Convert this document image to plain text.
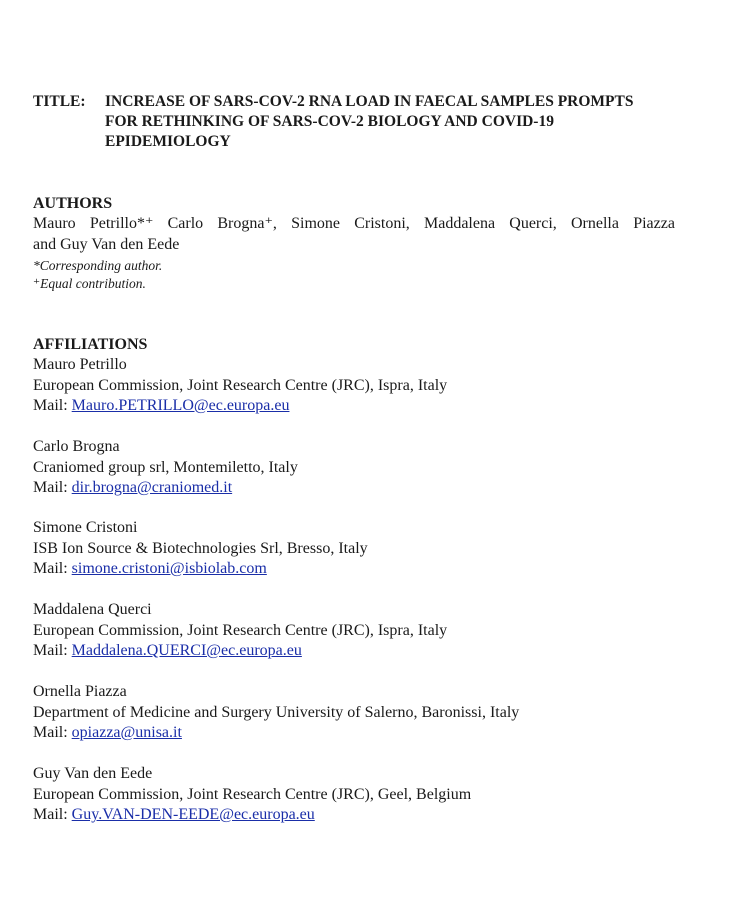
TITLE: INCREASE OF SARS-COV-2 RNA LOAD IN FAECAL SAMPLES PROMPTS
FOR RETHINKING OF SARS-COV-2 BIOLOGY AND COVID-19
EPIDEMIOLOGY
AUTHORS
Mauro Petrillo*⁺ Carlo Brogna⁺, Simone Cristoni, Maddalena Querci, Ornella Piazza
and Guy Van den Eede
*Corresponding author.
⁺Equal contribution.
AFFILIATIONS
Mauro Petrillo
European Commission, Joint Research Centre (JRC), Ispra, Italy
Mail: Mauro.PETRILLO@ec.europa.eu
Carlo Brogna
Craniomed group srl, Montemiletto, Italy
Mail: dir.brogna@craniomed.it
Simone Cristoni
ISB Ion Source & Biotechnologies Srl, Bresso, Italy
Mail: simone.cristoni@isbiolab.com
Maddalena Querci
European Commission, Joint Research Centre (JRC), Ispra, Italy
Mail: Maddalena.QUERCI@ec.europa.eu
Ornella Piazza
Department of Medicine and Surgery University of Salerno, Baronissi, Italy
Mail: opiazza@unisa.it
Guy Van den Eede
European Commission, Joint Research Centre (JRC), Geel, Belgium
Mail: Guy.VAN-DEN-EEDE@ec.europa.eu
